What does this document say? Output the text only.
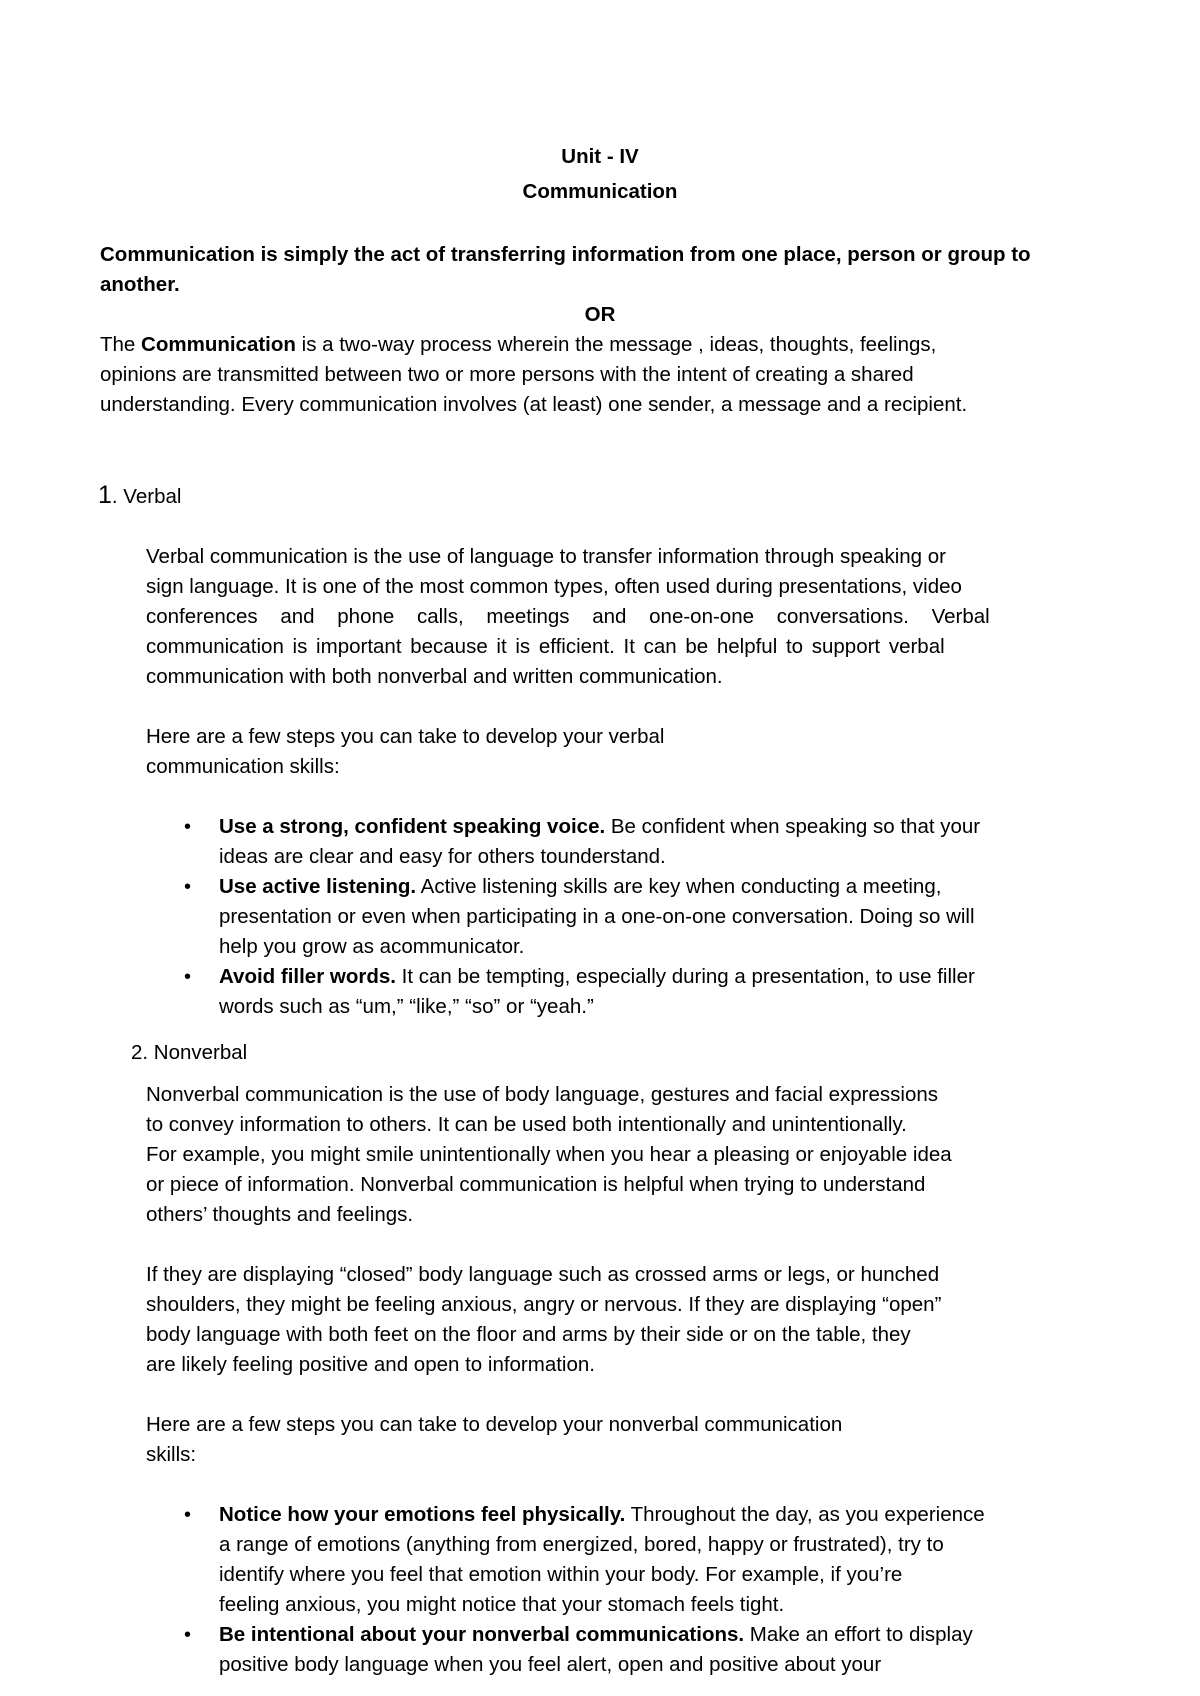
Unit - IV
Communication
Communication is simply the act of transferring information from one place, person or group to
another.
OR
The Communication is a two-way process wherein the message , ideas, thoughts, feelings,
opinions are transmitted between two or more persons with the intent of creating a shared
understanding. Every communication involves (at least) one sender, a message and a recipient.
1. Verbal
Verbal communication is the use of language to transfer information through speaking or
sign language. It is one of the most common types, often used during presentations, video
conferences and phone calls, meetings and one-on-one conversations. Verbal
communication is important because it is efficient. It can be helpful to support verbal
communication with both nonverbal and written communication.
Here are a few steps you can take to develop your verbal
communication skills:
• Use a strong, confident speaking voice. Be confident when speaking so that your
ideas are clear and easy for others tounderstand.
• Use active listening. Active listening skills are key when conducting a meeting,
presentation or even when participating in a one-on-one conversation. Doing so will
help you grow as acommunicator.
• Avoid filler words. It can be tempting, especially during a presentation, to use filler
words such as “um,” “like,” “so” or “yeah.”
2. Nonverbal
Nonverbal communication is the use of body language, gestures and facial expressions
to convey information to others. It can be used both intentionally and unintentionally.
For example, you might smile unintentionally when you hear a pleasing or enjoyable idea
or piece of information. Nonverbal communication is helpful when trying to understand
others’ thoughts and feelings.
If they are displaying “closed” body language such as crossed arms or legs, or hunched
shoulders, they might be feeling anxious, angry or nervous. If they are displaying “open”
body language with both feet on the floor and arms by their side or on the table, they
are likely feeling positive and open to information.
Here are a few steps you can take to develop your nonverbal communication
skills:
• Notice how your emotions feel physically. Throughout the day, as you experience
a range of emotions (anything from energized, bored, happy or frustrated), try to
identify where you feel that emotion within your body. For example, if you’re
feeling anxious, you might notice that your stomach feels tight.
• Be intentional about your nonverbal communications. Make an effort to display
positive body language when you feel alert, open and positive about your
